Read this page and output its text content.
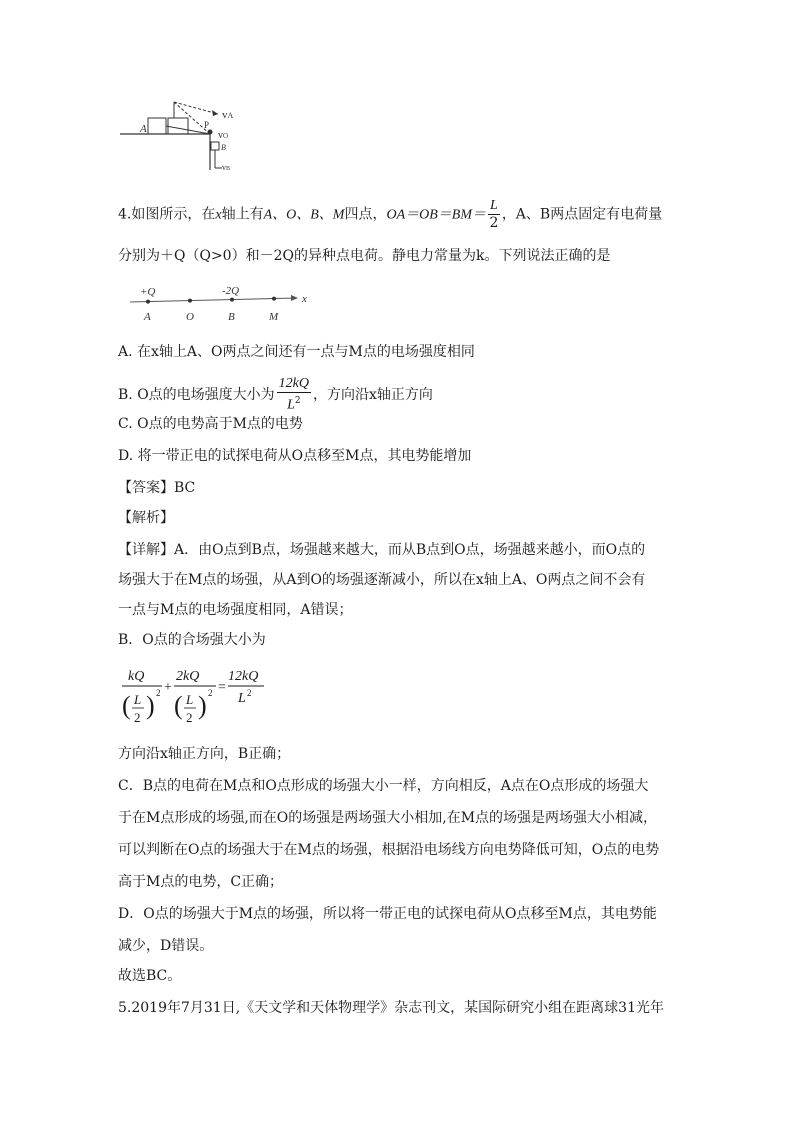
A
vA
P
vO
B
vB
4.如图所示，在x轴上有A、O、B、M四点，$OA=OB=BM= \frac{L}{2}$ ，A、B两点固定有电荷量
分别为＋Q（Q>0）和－2Q的异种点电荷。静电力常量为k。下列说法正确的是
+Q	-2Q
A	O	B	M
x
A. 在x轴上A、O两点之间还有一点与M点的电场强度相同
B. O点的电场强度大小为 $\frac{12kQ}{L^2}$ ，方向沿x轴正方向
C. O点的电势高于M点的电势
D. 将一带正电的试探电荷从O点移至M点，其电势能增加
【答案】BC
【解析】
【详解】A．由O点到B点，场强越来越大，而从B点到O点，场强越来越小，而O点的
场强大于在M点的场强，从A到O的场强逐渐减小，所以在x轴上A、O两点之间不会有
一点与M点的电场强度相同，A错误；
B．O点的合场强大小为
kQ
( L
2 ) 2 +
2kQ
( L
2 ) 2 =
12kQ
L 2
方向沿x轴正方向，B正确；
C．B点的电荷在M点和O点形成的场强大小一样，方向相反，A点在O点形成的场强大
于在M点形成的场强,而在O的场强是两场强大小相加,在M点的场强是两场强大小相减，
可以判断在O点的场强大于在M点的场强，根据沿电场线方向电势降低可知，O点的电势
高于M点的电势，C正确；
D．O点的场强大于M点的场强，所以将一带正电的试探电荷从O点移至M点，其电势能
减少，D错误。
故选BC。
5.2019年7月31日,《天文学和天体物理学》杂志刊文，某国际研究小组在距离球31光年
